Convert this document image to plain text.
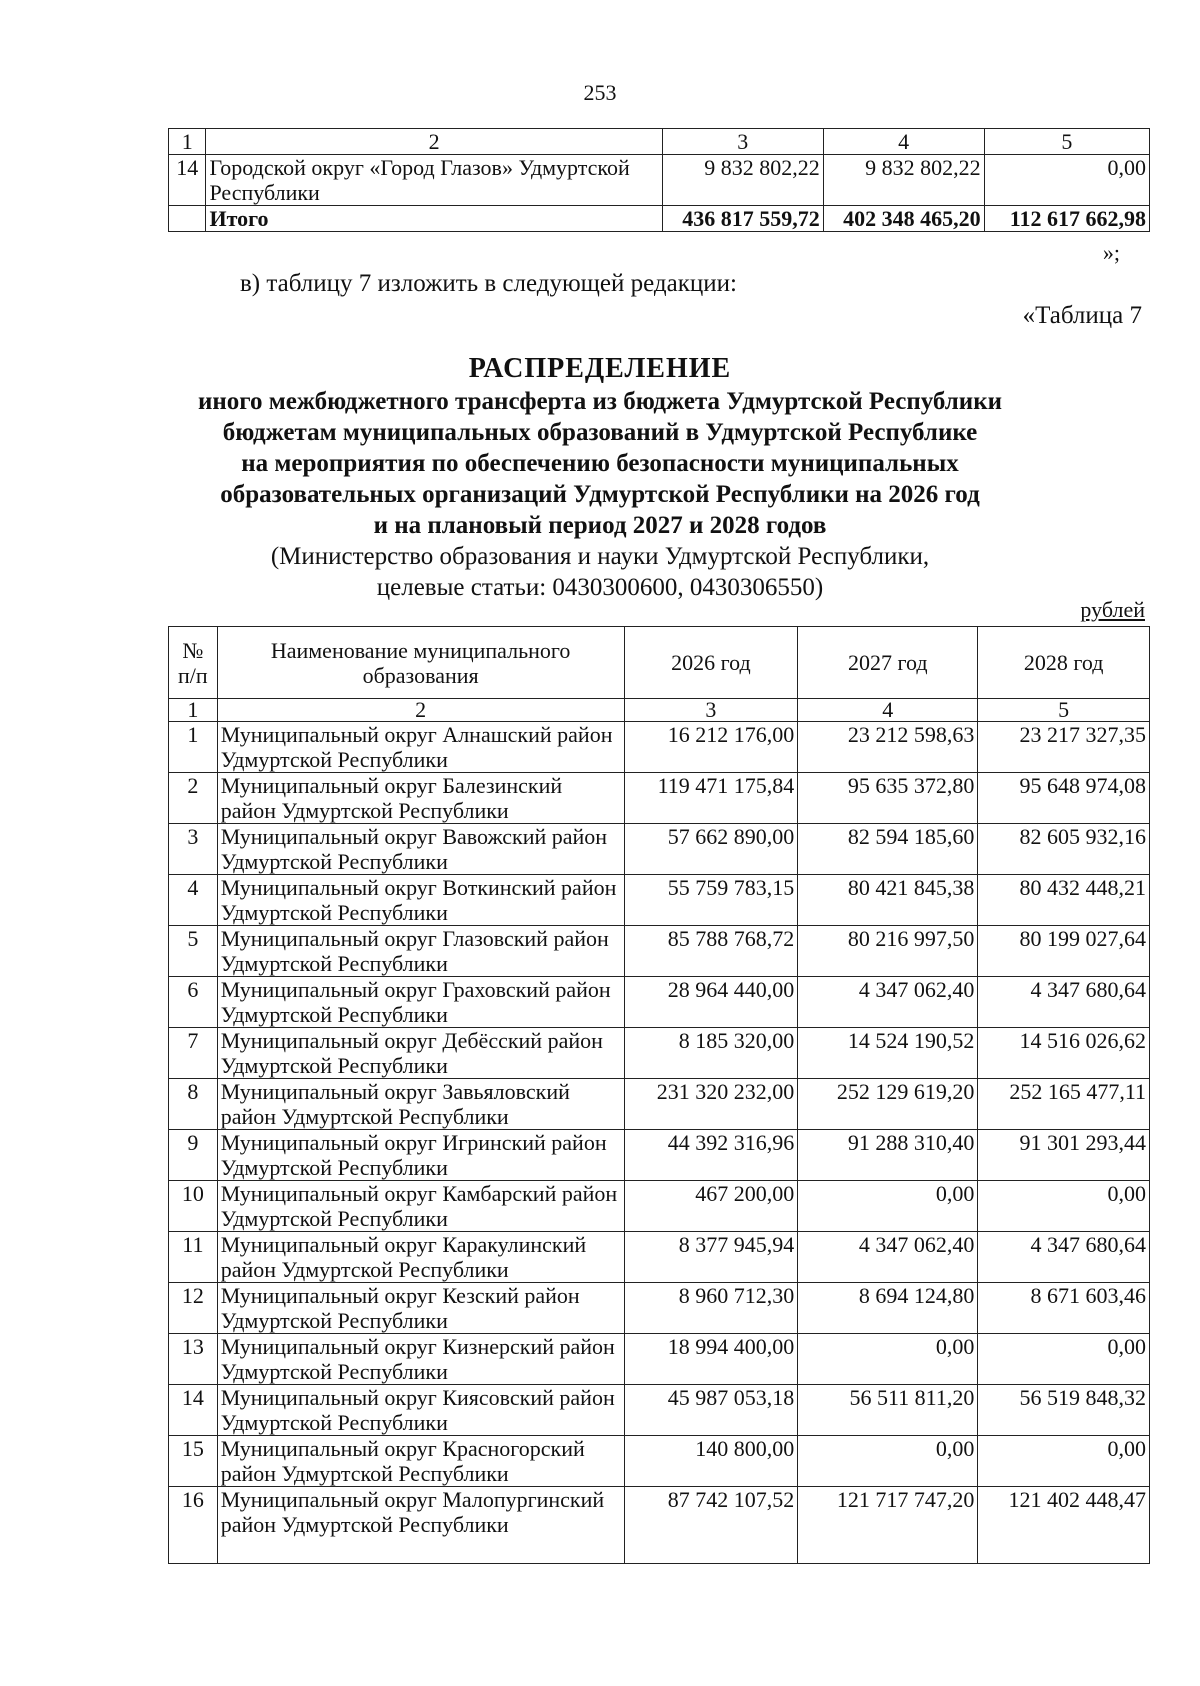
253
1	2	3	4	5
14	Городской округ «Город Глазов» Удмуртской Республики	9 832 802,22	9 832 802,22	0,00
	Итого	436 817 559,72	402 348 465,20	112 617 662,98
»;
в) таблицу 7 изложить в следующей редакции:
«Таблица 7
РАСПРЕДЕЛЕНИЕ
иного межбюджетного трансферта из бюджета Удмуртской Республики
бюджетам муниципальных образований в Удмуртской Республике
на мероприятия по обеспечению безопасности муниципальных
образовательных организаций Удмуртской Республики на 2026 год
и на плановый период 2027 и 2028 годов
(Министерство образования и науки Удмуртской Республики,
целевые статьи: 0430300600, 0430306550)
рублей
№ п/п	Наименование муниципального образования	2026 год	2027 год	2028 год
1	2	3	4	5
1	Муниципальный округ Алнашский район Удмуртской Республики	16 212 176,00	23 212 598,63	23 217 327,35
2	Муниципальный округ Балезинский район Удмуртской Республики	119 471 175,84	95 635 372,80	95 648 974,08
3	Муниципальный округ Вавожский район Удмуртской Республики	57 662 890,00	82 594 185,60	82 605 932,16
4	Муниципальный округ Воткинский район Удмуртской Республики	55 759 783,15	80 421 845,38	80 432 448,21
5	Муниципальный округ Глазовский район Удмуртской Республики	85 788 768,72	80 216 997,50	80 199 027,64
6	Муниципальный округ Граховский район Удмуртской Республики	28 964 440,00	4 347 062,40	4 347 680,64
7	Муниципальный округ Дебёсский район Удмуртской Республики	8 185 320,00	14 524 190,52	14 516 026,62
8	Муниципальный округ Завьяловский район Удмуртской Республики	231 320 232,00	252 129 619,20	252 165 477,11
9	Муниципальный округ Игринский район Удмуртской Республики	44 392 316,96	91 288 310,40	91 301 293,44
10	Муниципальный округ Камбарский район Удмуртской Республики	467 200,00	0,00	0,00
11	Муниципальный округ Каракулинский район Удмуртской Республики	8 377 945,94	4 347 062,40	4 347 680,64
12	Муниципальный округ Кезский район Удмуртской Республики	8 960 712,30	8 694 124,80	8 671 603,46
13	Муниципальный округ Кизнерский район Удмуртской Республики	18 994 400,00	0,00	0,00
14	Муниципальный округ Киясовский район Удмуртской Республики	45 987 053,18	56 511 811,20	56 519 848,32
15	Муниципальный округ Красногорский район Удмуртской Республики	140 800,00	0,00	0,00
16	Муниципальный округ Малопургинский район Удмуртской Республики	87 742 107,52	121 717 747,20	121 402 448,47
